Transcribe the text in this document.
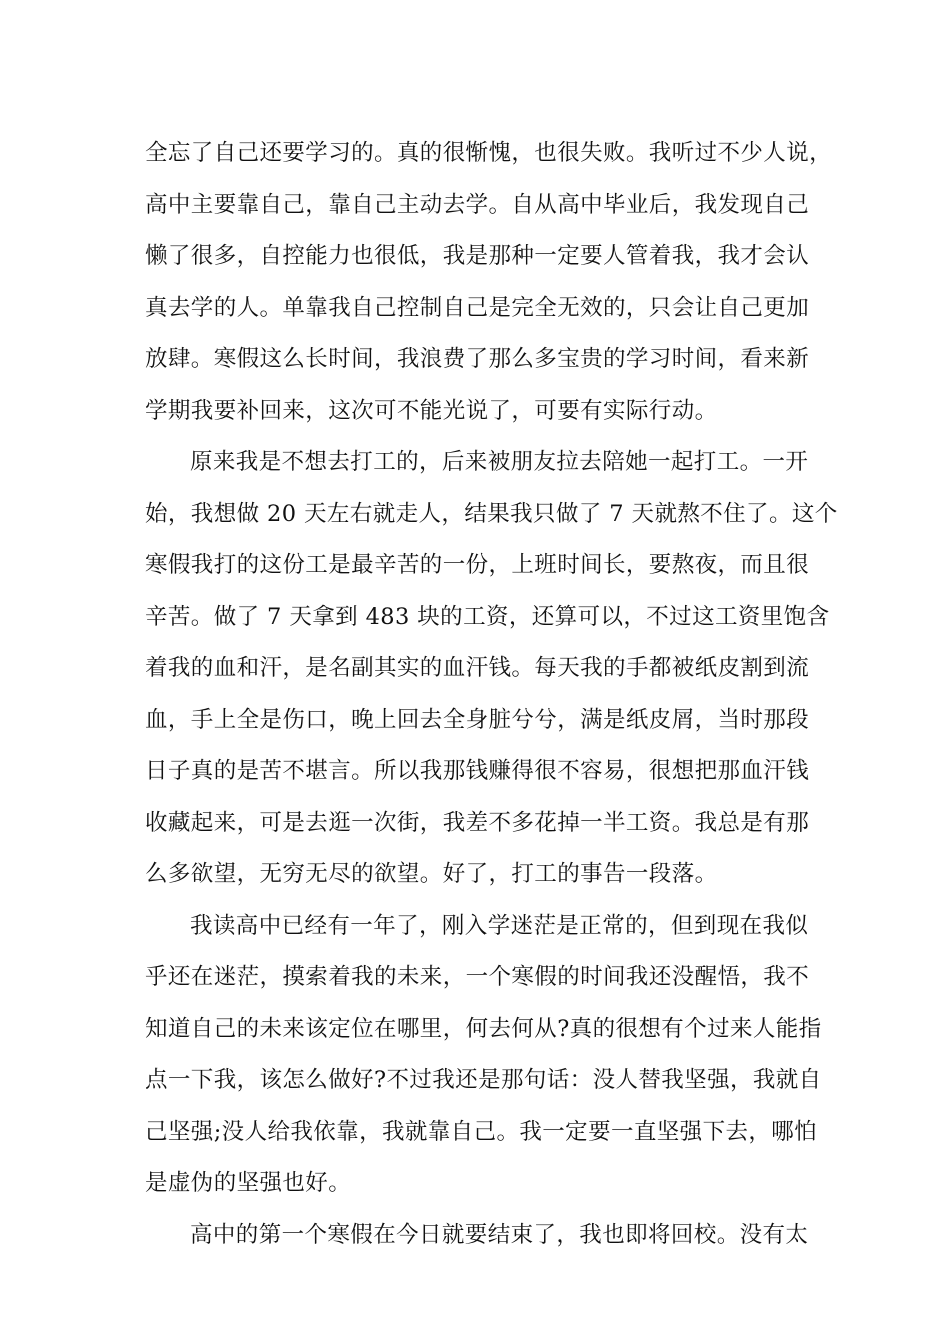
全忘了自己还要学习的。真的很惭愧，也很失败。我听过不少人说，
高中主要靠自己，靠自己主动去学。自从高中毕业后，我发现自己
懒了很多，自控能力也很低，我是那种一定要人管着我，我才会认
真去学的人。单靠我自己控制自己是完全无效的，只会让自己更加
放肆。寒假这么长时间，我浪费了那么多宝贵的学习时间，看来新
学期我要补回来，这次可不能光说了，可要有实际行动。
原来我是不想去打工的，后来被朋友拉去陪她一起打工。一开
始，我想做 20 天左右就走人，结果我只做了 7 天就熬不住了。这个
寒假我打的这份工是最辛苦的一份，上班时间长，要熬夜，而且很
辛苦。做了 7 天拿到 483 块的工资，还算可以，不过这工资里饱含
着我的血和汗，是名副其实的血汗钱。每天我的手都被纸皮割到流
血，手上全是伤口，晚上回去全身脏兮兮，满是纸皮屑，当时那段
日子真的是苦不堪言。所以我那钱赚得很不容易，很想把那血汗钱
收藏起来，可是去逛一次街，我差不多花掉一半工资。我总是有那
么多欲望，无穷无尽的欲望。好了，打工的事告一段落。
我读高中已经有一年了，刚入学迷茫是正常的，但到现在我似
乎还在迷茫，摸索着我的未来，一个寒假的时间我还没醒悟，我不
知道自己的未来该定位在哪里，何去何从?真的很想有个过来人能指
点一下我，该怎么做好?不过我还是那句话：没人替我坚强，我就自
己坚强;没人给我依靠，我就靠自己。我一定要一直坚强下去，哪怕
是虚伪的坚强也好。
高中的第一个寒假在今日就要结束了，我也即将回校。没有太
